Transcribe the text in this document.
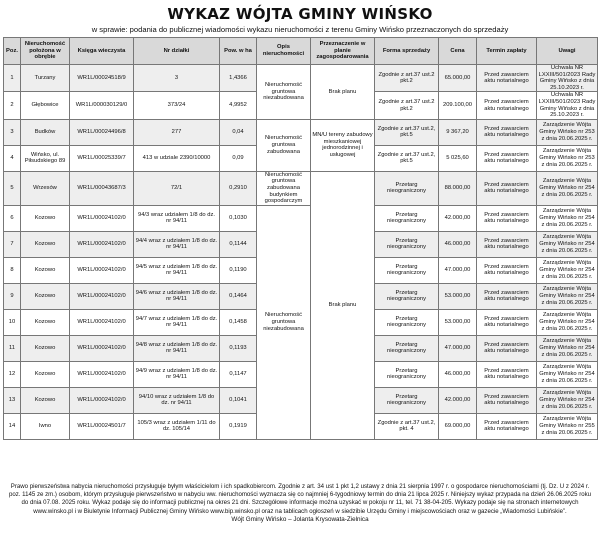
WYKAZ WÓJTA GMINY WIŃSKO
w sprawie: podania do publicznej wiadomości wykazu nieruchomości z terenu Gminy Wińsko przeznaczonych do sprzedaży
Poz.	Nieruchomość położona w obrębie	Księga wieczysta	Nr działki	Pow. w ha	Opis nieruchomości	Przeznaczenie w planie zagospodarowania	Forma sprzedaży	Cena	Termin zapłaty	Uwagi
1	Turzany	WR1L/00024518/9	3	1,4366	Nieruchomość gruntowa niezabudowana	Brak planu	Zgodnie z art.37 ust.2 pkt.2	65.000,00	Przed zawarciem aktu notarialnego	Uchwała NR LXXIII/501/2023 Rady Gminy Wińsko z dnia 25.10.2023 r.
2	Głębowice	WR1L/000030129/0	373/24	4,9952			Zgodnie z art.37 ust.2 pkt.2	209.100,00	Przed zawarciem aktu notarialnego	Uchwała NR LXXIII/501/2023 Rady Gminy Wińsko z dnia 25.10.2023 r.
3	Budków	WR1L/00024496/8	277	0,04	Nieruchomość gruntowa zabudowana	MN/U tereny zabudowy mieszkaniowej jednorodzinnej i usługowej	Zgodnie z art.37 ust.2, pkt.5	9 367,20	Przed zawarciem aktu notarialnego	Zarządzenie Wójta Gminy Wińsko nr 253 z dnia 20.06.2025 r.
4	Wińsko, ul. Piłsudskiego 89	WR1L/00025339/7	413 w udziale 2390/10000	0,09			Zgodnie z art.37 ust.2, pkt.5	5 025,60	Przed zawarciem aktu notarialnego	Zarządzenie Wójta Gminy Wińsko nr 253 z dnia 20.06.2025 r.
5	Wrzesów	WR1L/00043687/3	72/1	0,2910	Nieruchomość gruntowa zabudowana budynkiem gospodarczym	Brak planu	Przetarg nieograniczony	88.000,00	Przed zawarciem aktu notarialnego	Zarządzenie Wójta Gminy Wińsko nr 254 z dnia 20.06.2025 r.
6	Kozowo	WR1L/00024102/0	94/3 wraz udziałem 1/8 do dz. nr 94/11	0,1030	Nieruchomość gruntowa niezabudowana		Przetarg nieograniczony	42.000,00	Przed zawarciem aktu notarialnego	Zarządzenie Wójta Gminy Wińsko nr 254 z dnia 20.06.2025 r.
7	Kozowo	WR1L/00024102/0	94/4 wraz z udziałem 1/8 do dz. nr 94/11	0,1144			Przetarg nieograniczony	46.000,00	Przed zawarciem aktu notarialnego	Zarządzenie Wójta Gminy Wińsko nr 254 z dnia 20.06.2025 r.
8	Kozowo	WR1L/00024102/0	94/5 wraz z udziałem 1/8 do dz. nr 94/11	0,1190			Przetarg nieograniczony	47.000,00	Przed zawarciem aktu notarialnego	Zarządzenie Wójta Gminy Wińsko nr 254 z dnia 20.06.2025 r.
9	Kozowo	WR1L/00024102/0	94/6 wraz z udziałem 1/8 do dz. nr 94/11	0,1464			Przetarg nieograniczony	53.000,00	Przed zawarciem aktu notarialnego	Zarządzenie Wójta Gminy Wińsko nr 254 z dnia 20.06.2025 r.
10	Kozowo	WR1L/00024102/0	94/7 wraz z udziałem 1/8 do dz. nr 94/11	0,1458			Przetarg nieograniczony	53.000,00	Przed zawarciem aktu notarialnego	Zarządzenie Wójta Gminy Wińsko nr 254 z dnia 20.06.2025 r.
11	Kozowo	WR1L/00024102/0	94/8 wraz z udziałem 1/8 do dz. nr 94/11	0,1193			Przetarg nieograniczony	47.000,00	Przed zawarciem aktu notarialnego	Zarządzenie Wójta Gminy Wińsko nr 254 z dnia 20.06.2025 r.
12	Kozowo	WR1L/00024102/0	94/9 wraz z udziałem 1/8 do dz. nr 94/11	0,1147			Przetarg nieograniczony	46.000,00	Przed zawarciem aktu notarialnego	Zarządzenie Wójta Gminy Wińsko nr 254 z dnia 20.06.2025 r.
13	Kozowo	WR1L/00024102/0	94/10 wraz z udziałem 1/8 do dz. nr 94/11	0,1041			Przetarg nieograniczony	42.000,00	Przed zawarciem aktu notarialnego	Zarządzenie Wójta Gminy Wińsko nr 254 z dnia 20.06.2025 r.
14	Iwno	WR1L/00024501/7	105/3 wraz z udziałem 1/11 do dz. 105/14	0,1919			Zgodnie z art.37 ust.2, pkt. 4	69.000,00	Przed zawarciem aktu notarialnego	Zarządzenie Wójta Gminy Wińsko nr 255 z dnia 20.06.2025 r.
Prawo pierwszeństwa nabycia nieruchomości przysługuje byłym właścicielom i ich spadkobiercom. Zgodnie z art. 34 ust 1 pkt 1,2 ustawy z dnia 21 sierpnia 1997 r. o gospodarce nieruchomościami (tj. Dz. U z 2024 r. poz. 1145 ze zm.) osobom, którym przysługuje pierwszeństwo w nabyciu ww. nieruchomości wyznacza się co najmniej 6-tygodniowy termin do dnia 21 lipca 2025 r. Niniejszy wykaz przypada na dzień 26.06.2025 roku do dnia 07.08. 2025 roku. Wykaz podaje się do informacji publicznej na okres 21 dni. Szczegółowe informacje można uzyskać w pokoju nr 11, tel. 71 38-04-205. Wykazy podaje się na stronach internetowych www.winsko.pl i w Biuletynie Informacji Publicznej Gminy Wińsko www.bip.winsko.pl oraz na tablicach ogłoszeń w siedzibie Urzędu Gminy i miejscowościach oraz w gazecie „Wiadomości Lubińskie”.
Wójt Gminy Wińsko – Jolanta Krysowata-Zielnica
